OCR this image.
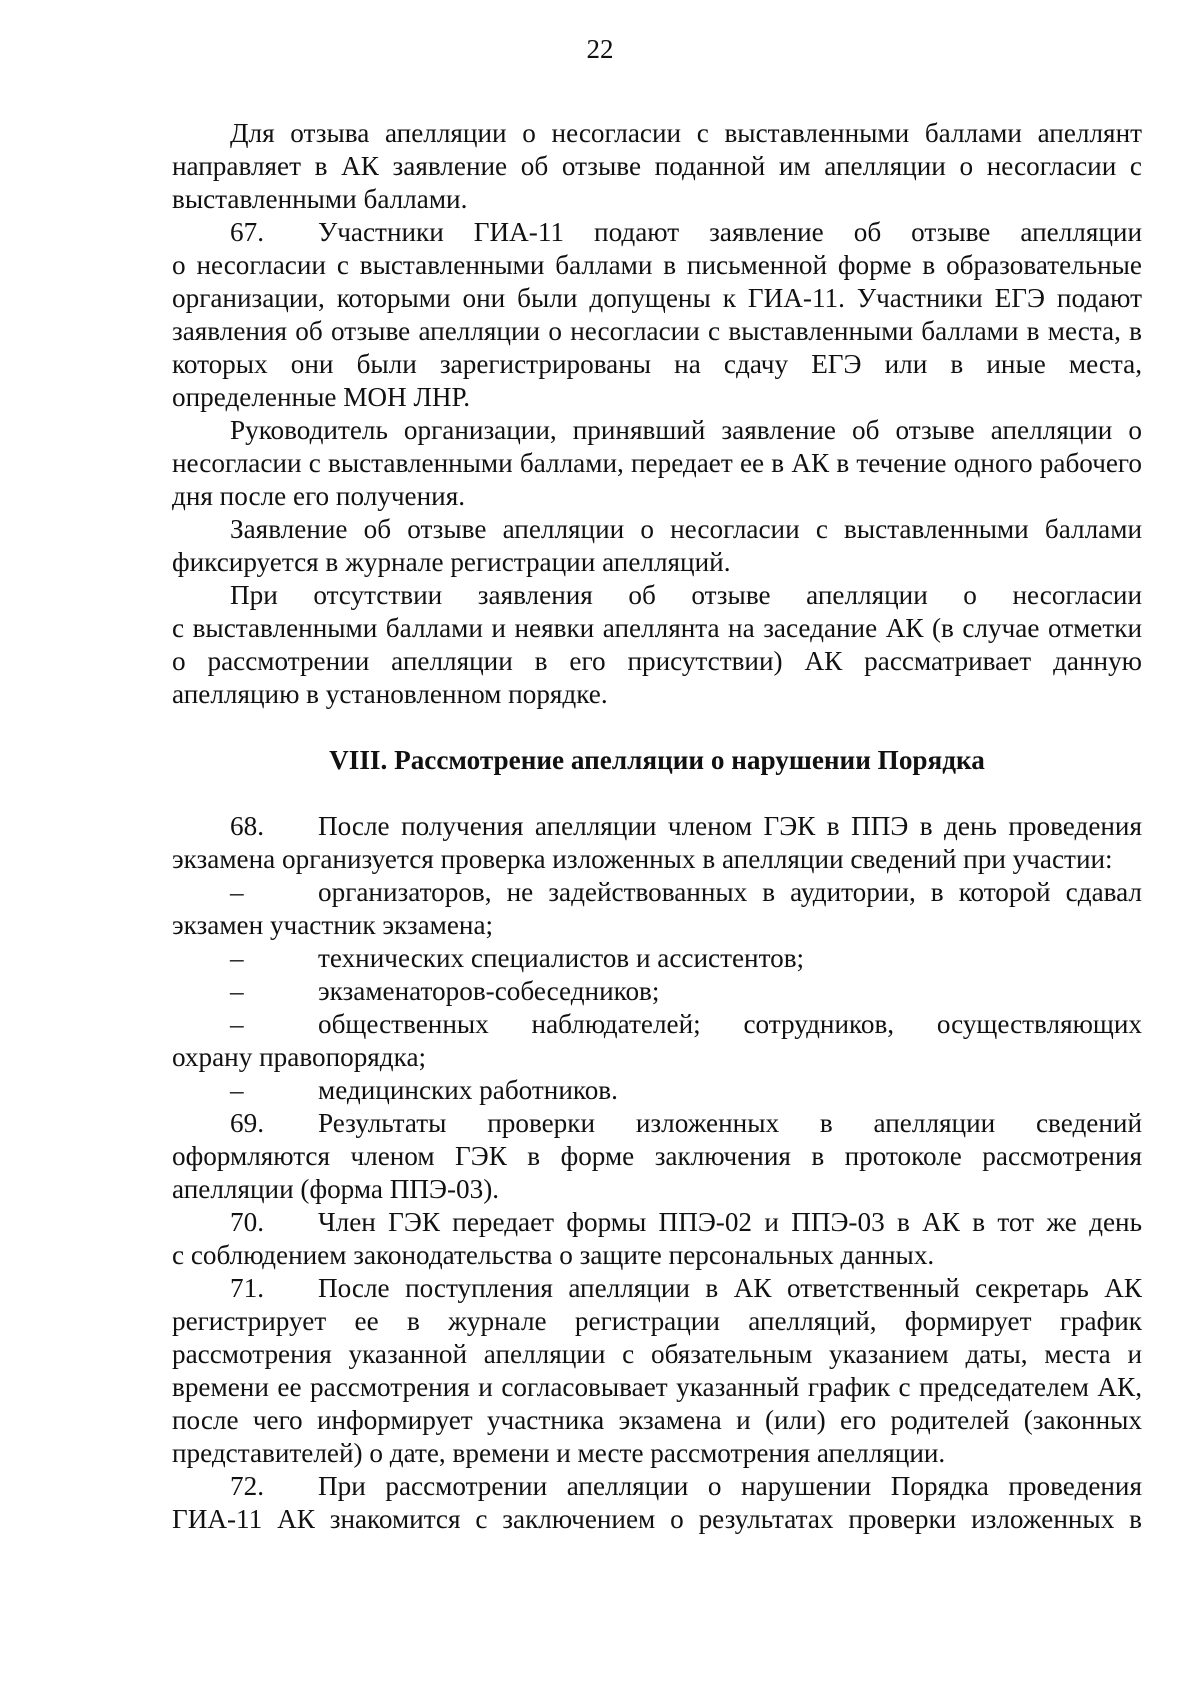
22

Для отзыва апелляции о несогласии с выставленными баллами апеллянт направляет в АК заявление об отзыве поданной им апелляции о несогласии с выставленными баллами.

67.	Участники ГИА-11 подают заявление об отзыве апелляции

о несогласии с выставленными баллами в письменной форме в образовательные организации, которыми они были допущены к ГИА-11. Участники ЕГЭ подают заявления об отзыве апелляции о несогласии с выставленными баллами в места, в которых они были зарегистрированы на сдачу ЕГЭ или в иные места, определенные МОН ЛНР.

Руководитель организации, принявший заявление об отзыве апелляции о несогласии с выставленными баллами, передает ее в АК в течение одного рабочего дня после его получения.

Заявление об отзыве апелляции о несогласии с выставленными баллами фиксируется в журнале регистрации апелляций.

При отсутствии заявления об отзыве апелляции о несогласии

с выставленными баллами и неявки апеллянта на заседание АК (в случае отметки о рассмотрении апелляции в его присутствии) АК рассматривает данную апелляцию в установленном порядке.

VIII. Рассмотрение апелляции о нарушении Порядка
68.	После получения апелляции членом ГЭК в ППЭ в день проведения

экзамена организуется проверка изложенных в апелляции сведений при участии:

–	организаторов, не задействованных в аудитории, в которой сдавал

экзамен участник экзамена;

–	технических специалистов и ассистентов;
–	экзаменаторов-собеседников;
–	общественных наблюдателей; сотрудников, осуществляющих

охрану правопорядка;

–	медицинских работников.
69.	Результаты проверки изложенных в апелляции сведений

оформляются членом ГЭК в форме заключения в протоколе рассмотрения апелляции (форма ППЭ-03).

70.	Член ГЭК передает формы ППЭ-02 и ППЭ-03 в АК в тот же день

с соблюдением законодательства о защите персональных данных.

71.	После поступления апелляции в АК ответственный секретарь АК

регистрирует ее в журнале регистрации апелляций, формирует график рассмотрения указанной апелляции с обязательным указанием даты, места и времени ее рассмотрения и согласовывает указанный график с председателем АК, после чего информирует участника экзамена и (или) его родителей (законных представителей) о дате, времени и месте рассмотрения апелляции.

72.	При рассмотрении апелляции о нарушении Порядка проведения

ГИА-11 АК знакомится с заключением о результатах проверки изложенных в
